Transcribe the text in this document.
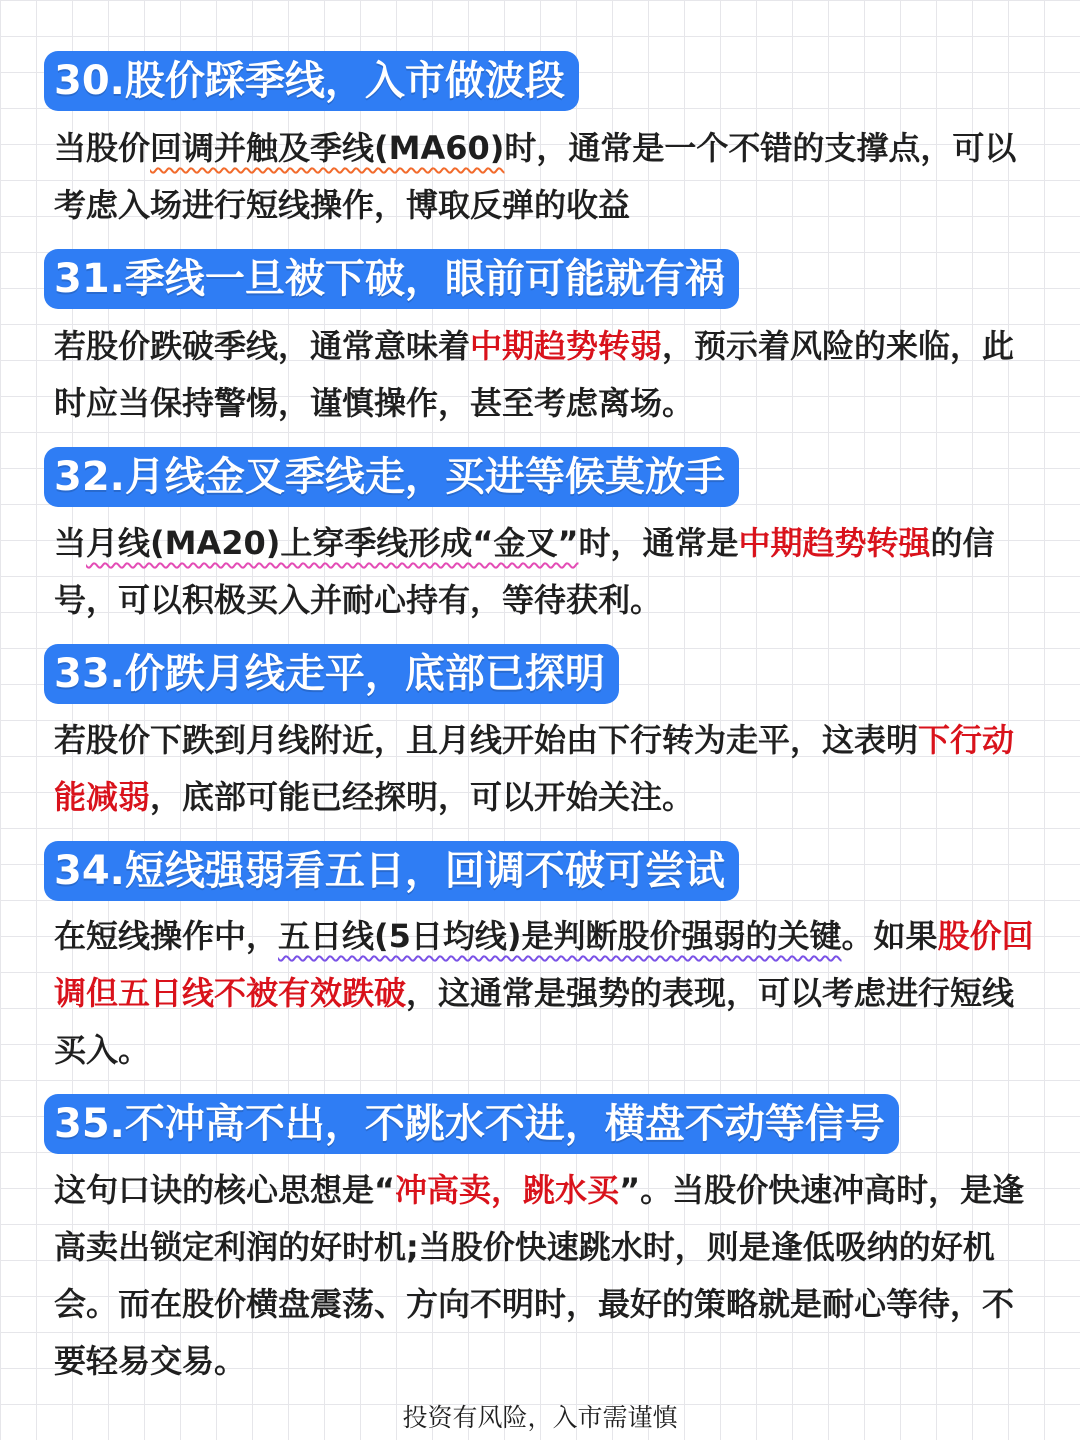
30.股价踩季线，入市做波段

当股价回调并触及季线(MA60)时，通常是一个不错的支撑点，可以考虑入场进行短线操作，博取反弹的收益

31.季线一旦被下破，眼前可能就有祸

若股价跌破季线，通常意味着中期趋势转弱，预示着风险的来临，此时应当保持警惕，谨慎操作，甚至考虑离场。

32.月线金叉季线走，买进等候莫放手

当月线(MA20)上穿季线形成“金叉”时，通常是中期趋势转强的信号，可以积极买入并耐心持有，等待获利。

33.价跌月线走平，底部已探明

若股价下跌到月线附近，且月线开始由下行转为走平，这表明下行动能减弱，底部可能已经探明，可以开始关注。

34.短线强弱看五日，回调不破可尝试

在短线操作中，五日线(5日均线)是判断股价强弱的关键。如果股价回调但五日线不被有效跌破，这通常是强势的表现，可以考虑进行短线买入。

35.不冲高不出，不跳水不进，横盘不动等信号

这句口诀的核心思想是“冲高卖，跳水买”。当股价快速冲高时，是逢高卖出锁定利润的好时机;当股价快速跳水时，则是逢低吸纳的好机会。而在股价横盘震荡、方向不明时，最好的策略就是耐心等待，不要轻易交易。

投资有风险，入市需谨慎
